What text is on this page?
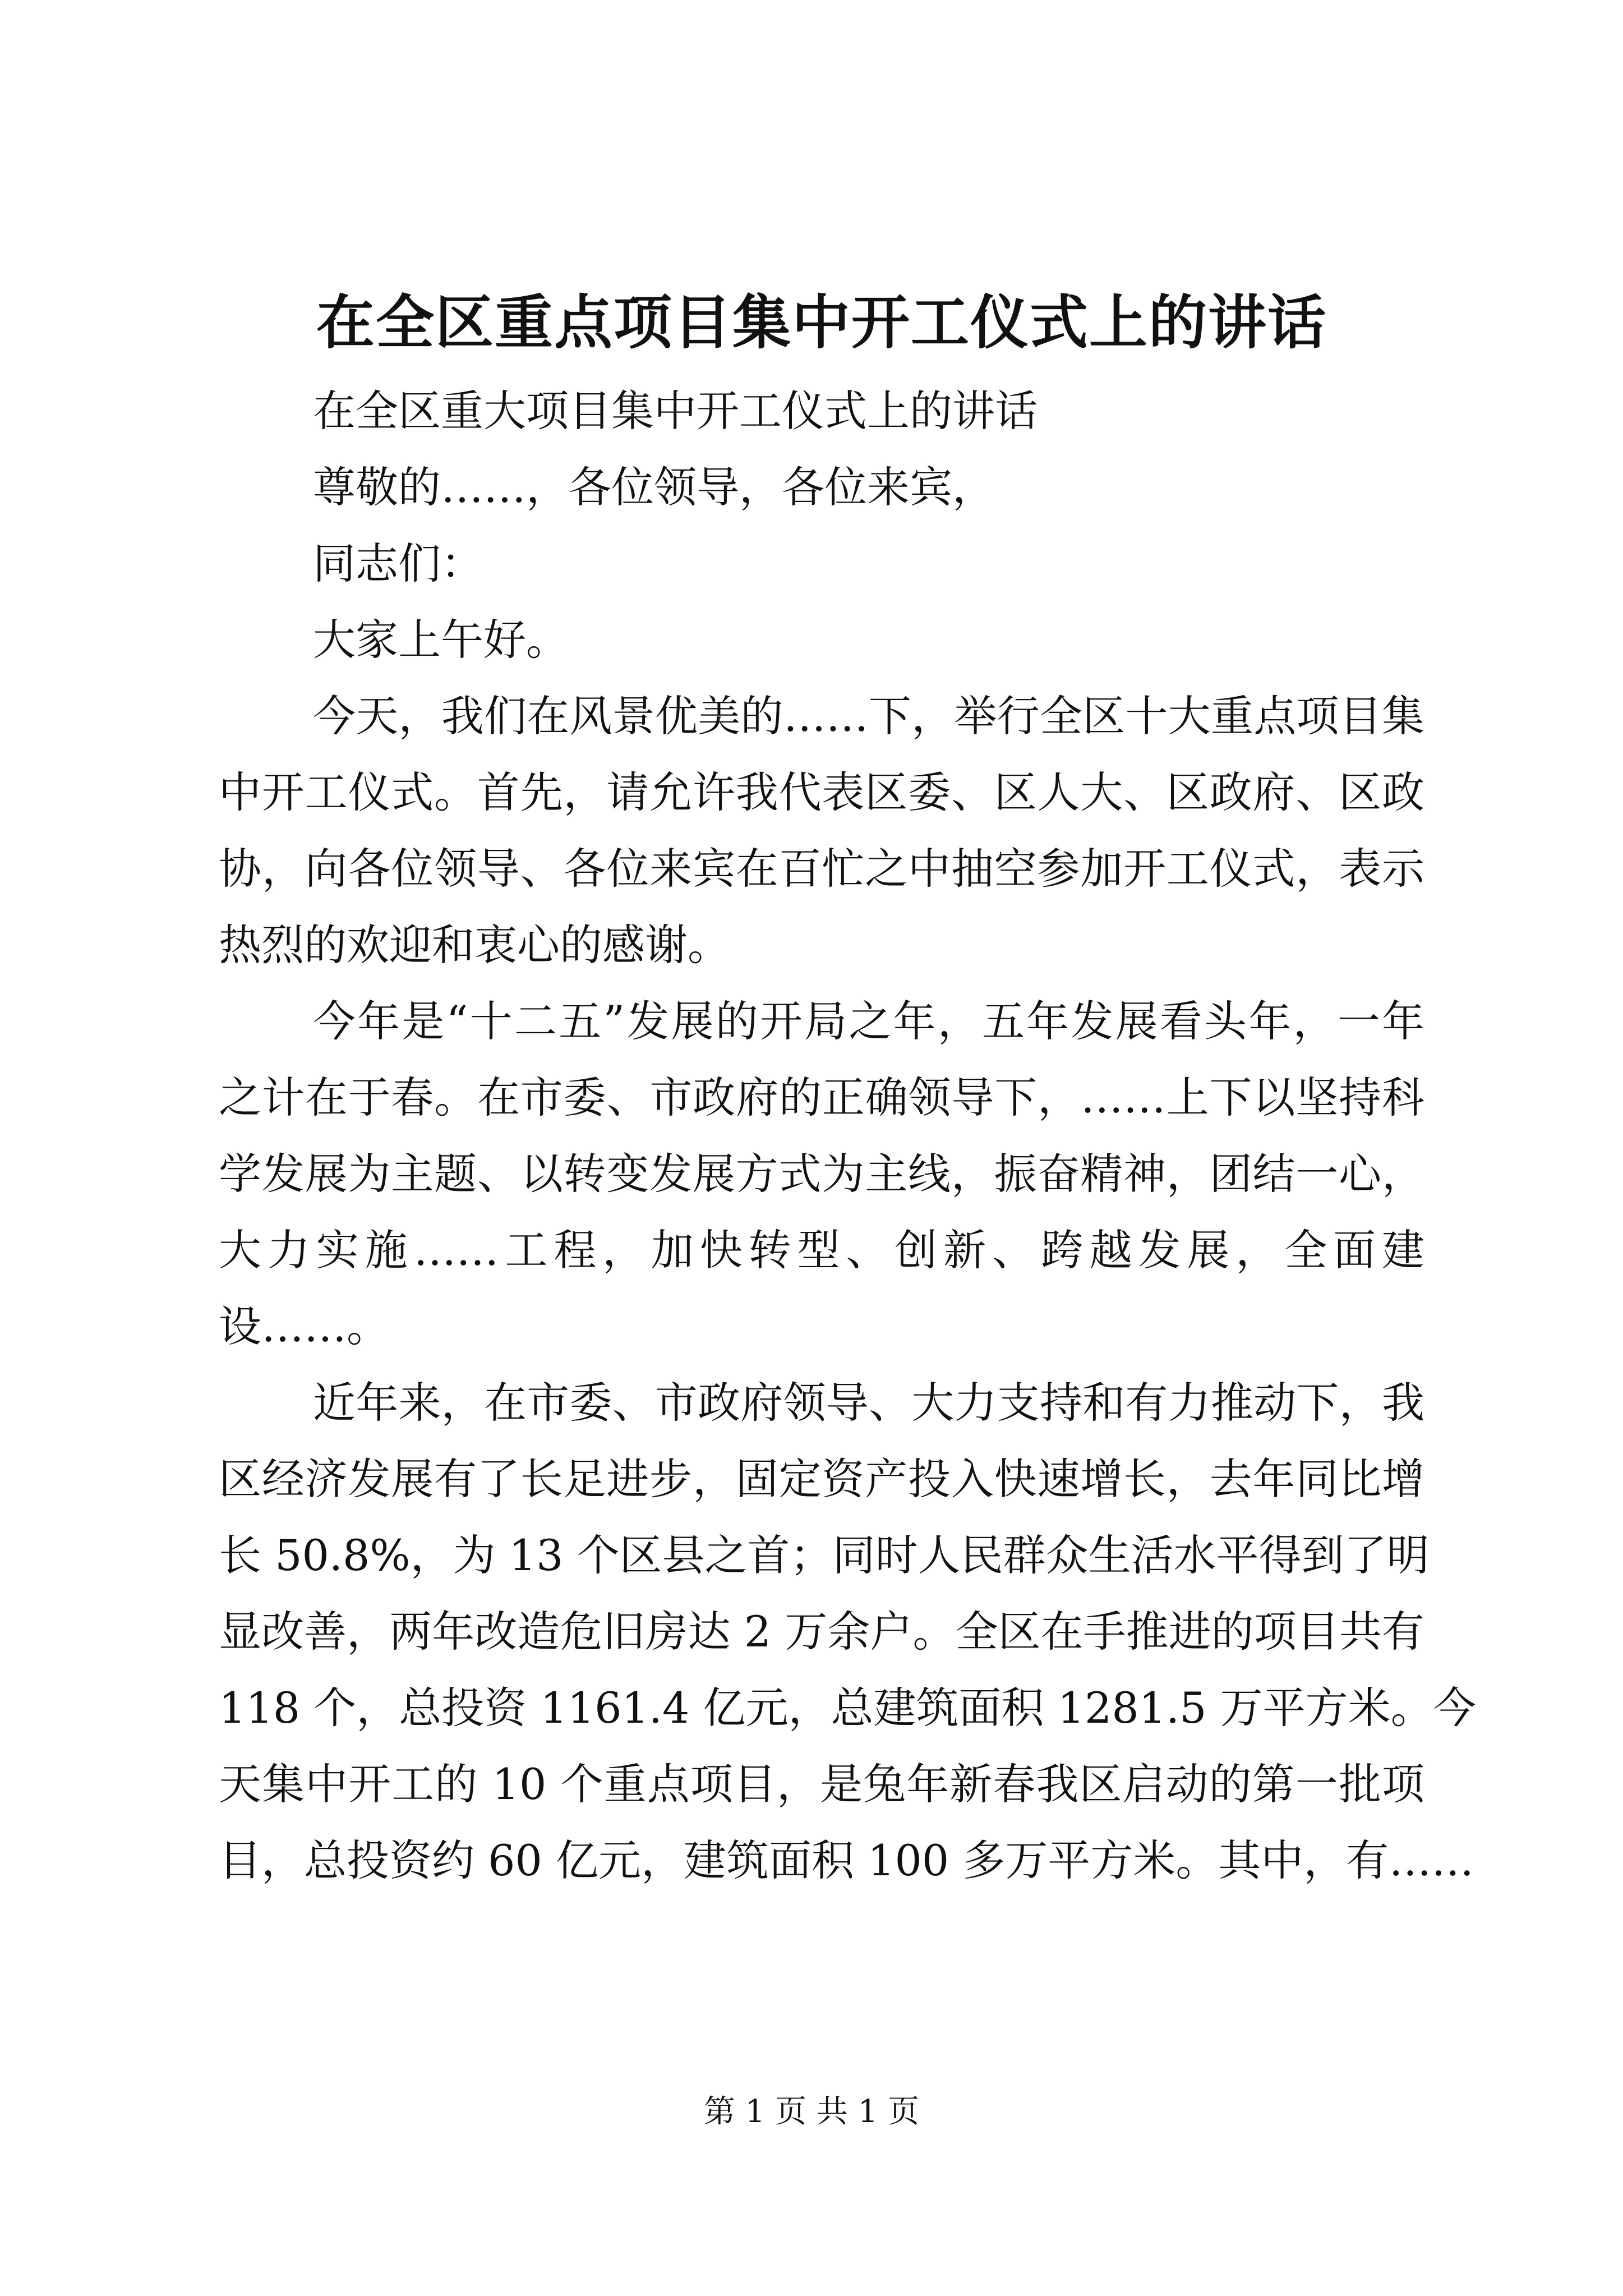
在全区重点项目集中开工仪式上的讲话

在全区重大项目集中开工仪式上的讲话

尊敬的……，各位领导，各位来宾，

同志们：

大家上午好。

今天，我们在风景优美的……下，举行全区十大重点项目集

中开工仪式。首先，请允许我代表区委、区人大、区政府、区政

协，向各位领导、各位来宾在百忙之中抽空参加开工仪式，表示

热烈的欢迎和衷心的感谢。

今年是“十二五”发展的开局之年，五年发展看头年，一年

之计在于春。在市委、市政府的正确领导下，……上下以坚持科

学发展为主题、以转变发展方式为主线，振奋精神，团结一心，

大力实施……工程，加快转型、创新、跨越发展，全面建

设……。

近年来，在市委、市政府领导、大力支持和有力推动下，我

区经济发展有了长足进步，固定资产投入快速增长，去年同比增

长 50.8%，为 13 个区县之首；同时人民群众生活水平得到了明

显改善，两年改造危旧房达 2 万余户。全区在手推进的项目共有

118 个，总投资 1161.4 亿元，总建筑面积 1281.5 万平方米。今

天集中开工的 10 个重点项目，是兔年新春我区启动的第一批项

目，总投资约 60 亿元，建筑面积 100 多万平方米。其中，有……

第 1 页 共 1 页
